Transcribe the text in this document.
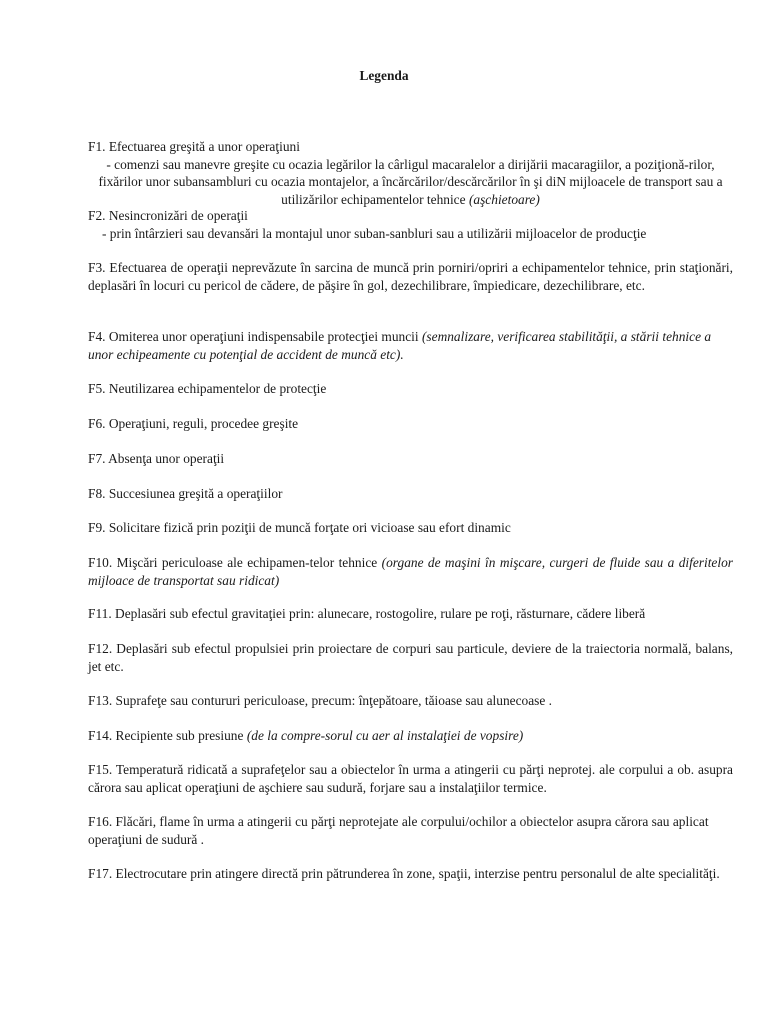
Legenda
F1. Efectuarea greşită a unor operaţiuni
- comenzi sau manevre greşite cu ocazia legărilor la cârligul macaralelor a dirijării macaragiilor, a poziţionă-rilor, fixărilor unor subansambluri cu ocazia montajelor, a încărcărilor/descărcărilor în şi diN mijloacele de transport sau a utilizărilor echipamentelor tehnice (aşchietoare)
F2. Nesincronizări de operaţii
- prin întârzieri sau devansări la montajul unor suban-sanbluri sau a utilizării mijloacelor de producţie
F3. Efectuarea de operaţii neprevăzute în sarcina de muncă prin porniri/opriri a echipamentelor tehnice, prin staţionări, deplasări în locuri cu pericol de cădere, de păşire în gol, dezechilibrare, împiedicare, dezechilibrare, etc.
F4. Omiterea unor operaţiuni indispensabile protecţiei muncii (semnalizare, verificarea stabilităţii, a stării tehnice a unor echipeamente cu potenţial de accident de muncă etc).
F5. Neutilizarea echipamentelor de protecţie
F6. Operaţiuni, reguli, procedee greşite
F7. Absenţa unor operaţii
F8. Succesiunea greşită a operaţiilor
F9. Solicitare fizică prin poziţii de muncă forţate ori vicioase sau efort dinamic
F10. Mişcări periculoase ale echipamen-telor tehnice (organe de maşini în mişcare, curgeri de fluide sau a diferitelor mijloace de transportat sau ridicat)
F11. Deplasări sub efectul gravitaţiei prin: alunecare, rostogolire, rulare pe roţi, răsturnare, cădere liberă
F12. Deplasări sub efectul propulsiei prin proiectare de corpuri sau particule, deviere de la traiectoria normală, balans, jet etc.
F13. Suprafeţe sau contururi periculoase, precum: înţepătoare, tăioase sau alunecoase .
F14. Recipiente sub presiune (de la compre-sorul cu aer al instalaţiei de vopsire)
F15. Temperatură ridicată a suprafeţelor sau a obiectelor în urma a atingerii cu părţi neprotej. ale corpului a ob. asupra cărora sau aplicat operaţiuni de aşchiere sau sudură, forjare sau a instalaţiilor termice.
F16. Flăcări, flame în urma a atingerii cu părţi neprotejate ale corpului/ochilor a obiectelor asupra cărora sau aplicat operaţiuni de sudură .
F17. Electrocutare prin atingere directă prin pătrunderea în zone, spaţii, interzise pentru personalul de alte specialităţi.
